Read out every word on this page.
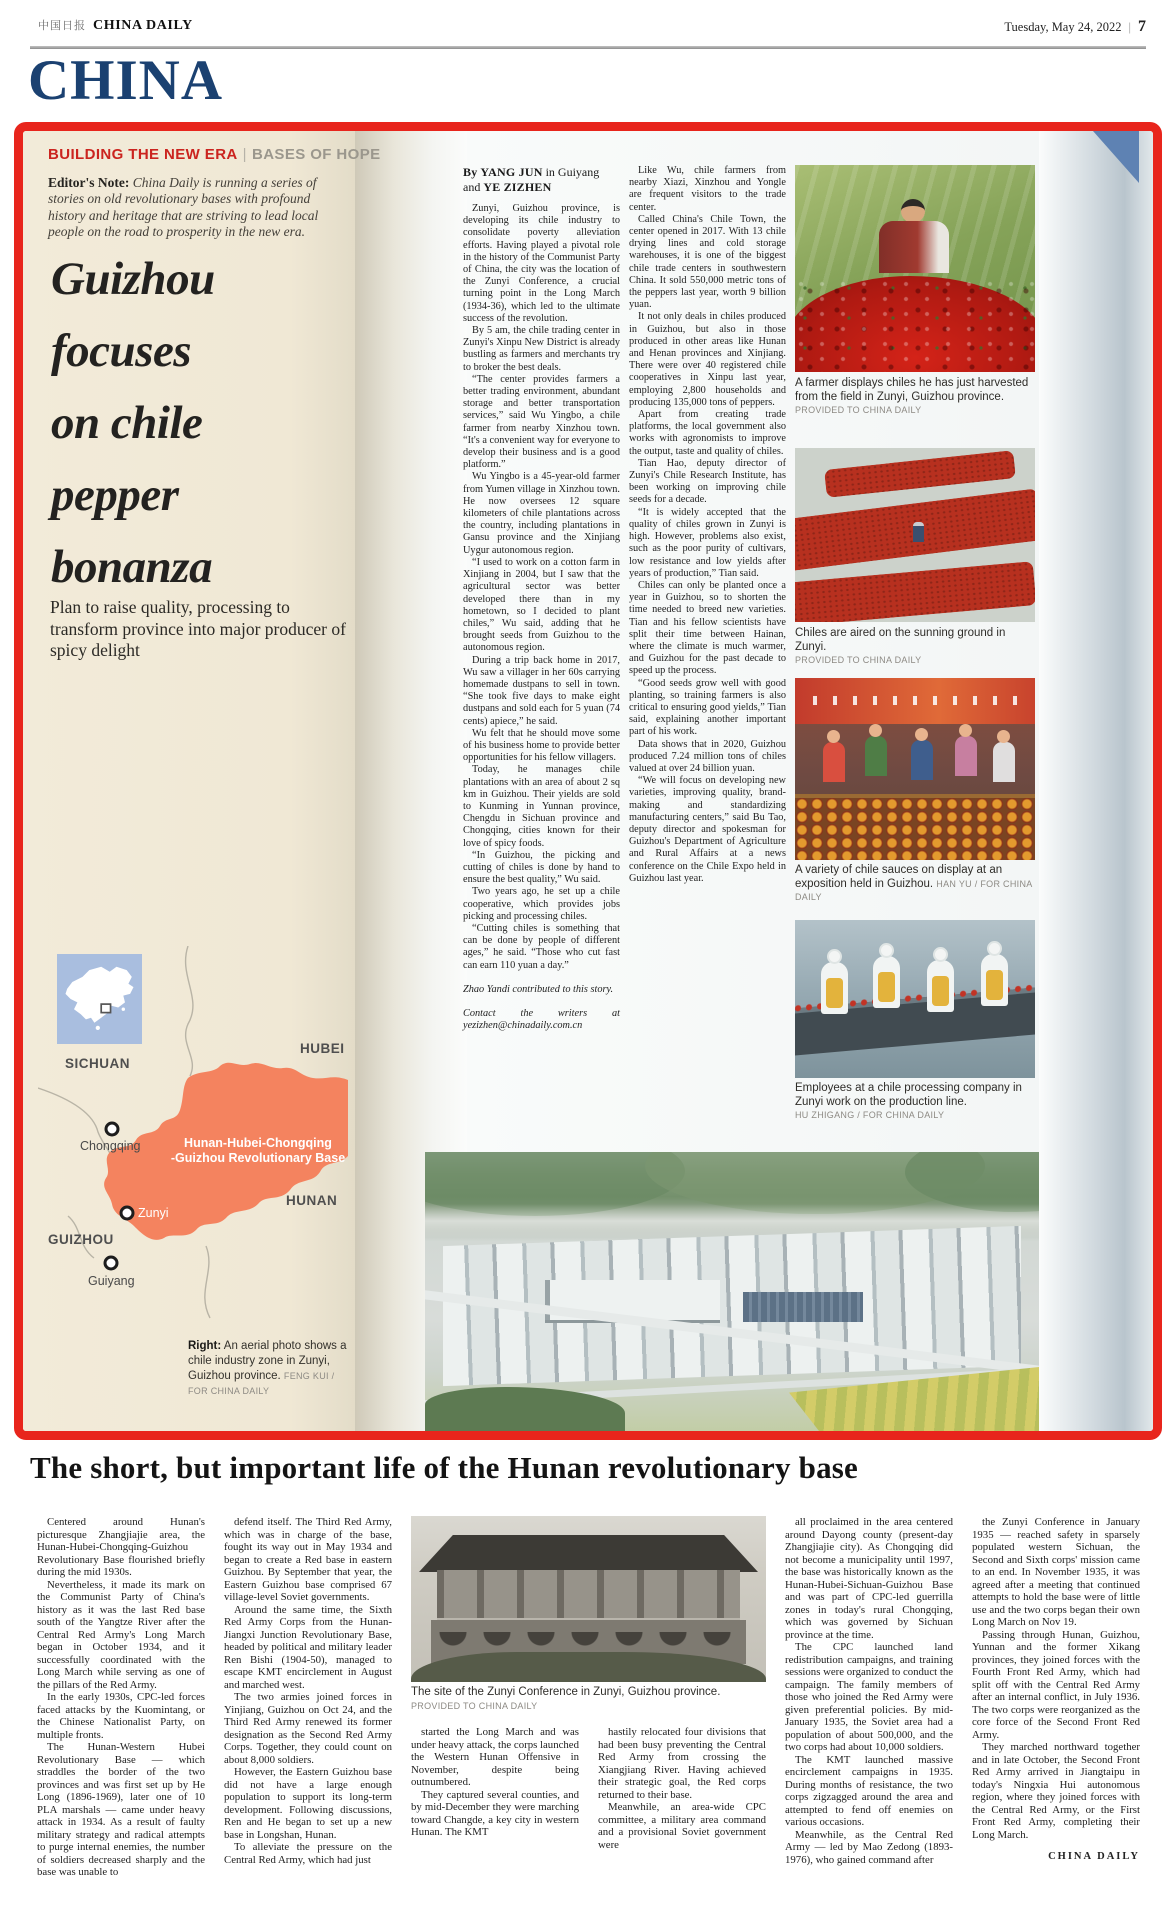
中国日报 CHINA DAILY	Tuesday, May 24, 2022 | 7
CHINA
BUILDING THE NEW ERA | BASES OF HOPE
Editor's Note: China Daily is running a series of stories on old revolutionary bases with profound history and heritage that are striving to lead local people on the road to prosperity in the new era.
Guizhou
focuses
on chile
pepper
bonanza
Plan to raise quality, processing to transform province into major producer of spicy delight
SICHUAN
HUBEI
HUNAN
GUIZHOU
Chongqing
Zunyi
Guiyang
Hunan-Hubei-Chongqing
-Guizhou Revolutionary Base
Right: An aerial photo shows a chile industry zone in Zunyi, Guizhou province. FENG KUI / FOR CHINA DAILY
By YANG JUN in Guiyang
and YE ZIZHEN

Zunyi, Guizhou province, is developing its chile industry to consolidate poverty alleviation efforts. Having played a pivotal role in the history of the Communist Party of China, the city was the location of the Zunyi Conference, a crucial turning point in the Long March (1934-36), which led to the ultimate success of the revolution.

By 5 am, the chile trading center in Zunyi's Xinpu New District is already bustling as farmers and merchants try to broker the best deals.

“The center provides farmers a better trading environment, abundant storage and better transportation services,” said Wu Yingbo, a chile farmer from nearby Xinzhou town. “It's a convenient way for everyone to develop their business and is a good platform.”

Wu Yingbo is a 45-year-old farmer from Yumen village in Xinzhou town. He now oversees 12 square kilometers of chile plantations across the country, including plantations in Gansu province and the Xinjiang Uygur autonomous region.

“I used to work on a cotton farm in Xinjiang in 2004, but I saw that the agricultural sector was better developed there than in my hometown, so I decided to plant chiles,” Wu said, adding that he brought seeds from Guizhou to the autonomous region.

During a trip back home in 2017, Wu saw a villager in her 60s carrying homemade dustpans to sell in town. “She took five days to make eight dustpans and sold each for 5 yuan (74 cents) apiece,” he said.

Wu felt that he should move some of his business home to provide better opportunities for his fellow villagers.

Today, he manages chile plantations with an area of about 2 sq km in Guizhou. Their yields are sold to Kunming in Yunnan province, Chengdu in Sichuan province and Chongqing, cities known for their love of spicy foods.

“In Guizhou, the picking and cutting of chiles is done by hand to ensure the best quality,” Wu said.

Two years ago, he set up a chile cooperative, which provides jobs picking and processing chiles.

“Cutting chiles is something that can be done by people of different ages,” he said. “Those who cut fast can earn 110 yuan a day.”

Zhao Yandi contributed to this story.

Contact the writers at yezizhen@chinadaily.com.cn

Like Wu, chile farmers from nearby Xiazi, Xinzhou and Yongle are frequent visitors to the trade center.

Called China's Chile Town, the center opened in 2017. With 13 chile drying lines and cold storage warehouses, it is one of the biggest chile trade centers in southwestern China. It sold 550,000 metric tons of the peppers last year, worth 9 billion yuan.

It not only deals in chiles produced in Guizhou, but also in those produced in other areas like Hunan and Henan provinces and Xinjiang. There were over 40 registered chile cooperatives in Xinpu last year, employing 2,800 households and producing 135,000 tons of peppers.

Apart from creating trade platforms, the local government also works with agronomists to improve the output, taste and quality of chiles.

Tian Hao, deputy director of Zunyi's Chile Research Institute, has been working on improving chile seeds for a decade.

“It is widely accepted that the quality of chiles grown in Zunyi is high. However, problems also exist, such as the poor purity of cultivars, low resistance and low yields after years of production,” Tian said.

Chiles can only be planted once a year in Guizhou, so to shorten the time needed to breed new varieties. Tian and his fellow scientists have split their time between Hainan, where the climate is much warmer, and Guizhou for the past decade to speed up the process.

“Good seeds grow well with good planting, so training farmers is also critical to ensuring good yields,” Tian said, explaining another important part of his work.

Data shows that in 2020, Guizhou produced 7.24 million tons of chiles valued at over 24 billion yuan.

“We will focus on developing new varieties, improving quality, brand-making and standardizing manufacturing centers,” said Bu Tao, deputy director and spokesman for Guizhou's Department of Agriculture and Rural Affairs at a news conference on the Chile Expo held in Guizhou last year.

A farmer displays chiles he has just harvested from the field in Zunyi, Guizhou province.
PROVIDED TO CHINA DAILY
Chiles are aired on the sunning ground in Zunyi.
PROVIDED TO CHINA DAILY
A variety of chile sauces on display at an exposition held in Guizhou. HAN YU / FOR CHINA DAILY
Employees at a chile processing company in Zunyi work on the production line.
HU ZHIGANG / FOR CHINA DAILY
The short, but important life of the Hunan revolutionary base

Centered around Hunan's picturesque Zhangjiajie area, the Hunan-Hubei-Chongqing-Guizhou Revolutionary Base flourished briefly during the mid 1930s.

Nevertheless, it made its mark on the Communist Party of China's history as it was the last Red base south of the Yangtze River after the Central Red Army's Long March began in October 1934, and it successfully coordinated with the Long March while serving as one of the pillars of the Red Army.

In the early 1930s, CPC-led forces faced attacks by the Kuomintang, or the Chinese Nationalist Party, on multiple fronts.

The Hunan-Western Hubei Revolutionary Base — which straddles the border of the two provinces and was first set up by He Long (1896-1969), later one of 10 PLA marshals — came under heavy attack in 1934. As a result of faulty military strategy and radical attempts to purge internal enemies, the number of soldiers decreased sharply and the base was unable to

defend itself. The Third Red Army, which was in charge of the base, fought its way out in May 1934 and began to create a Red base in eastern Guizhou. By September that year, the Eastern Guizhou base comprised 67 village-level Soviet governments.

Around the same time, the Sixth Red Army Corps from the Hunan-Jiangxi Junction Revolutionary Base, headed by political and military leader Ren Bishi (1904-50), managed to escape KMT encirclement in August and marched west.

The two armies joined forces in Yinjiang, Guizhou on Oct 24, and the Third Red Army renewed its former designation as the Second Red Army Corps. Together, they could count on about 8,000 soldiers.

However, the Eastern Guizhou base did not have a large enough population to support its long-term development. Following discussions, Ren and He began to set up a new base in Longshan, Hunan.

To alleviate the pressure on the Central Red Army, which had just

The site of the Zunyi Conference in Zunyi, Guizhou province.
PROVIDED TO CHINA DAILY

started the Long March and was under heavy attack, the corps launched the Western Hunan Offensive in November, despite being outnumbered.

They captured several counties, and by mid-December they were marching toward Changde, a key city in western Hunan. The KMT

hastily relocated four divisions that had been busy preventing the Central Red Army from crossing the Xiangjiang River. Having achieved their strategic goal, the Red corps returned to their base.

Meanwhile, an area-wide CPC committee, a military area command and a provisional Soviet government were

all proclaimed in the area centered around Dayong county (present-day Zhangjiajie city). As Chongqing did not become a municipality until 1997, the base was historically known as the Hunan-Hubei-Sichuan-Guizhou Base and was part of CPC-led guerrilla zones in today's rural Chongqing, which was governed by Sichuan province at the time.

The CPC launched land redistribution campaigns, and training sessions were organized to conduct the campaign. The family members of those who joined the Red Army were given preferential policies. By mid-January 1935, the Soviet area had a population of about 500,000, and the two corps had about 10,000 soldiers.

The KMT launched massive encirclement campaigns in 1935. During months of resistance, the two corps zigzagged around the area and attempted to fend off enemies on various occasions.

Meanwhile, as the Central Red Army — led by Mao Zedong (1893-1976), who gained command after

the Zunyi Conference in January 1935 — reached safety in sparsely populated western Sichuan, the Second and Sixth corps' mission came to an end. In November 1935, it was agreed after a meeting that continued attempts to hold the base were of little use and the two corps began their own Long March on Nov 19.

Passing through Hunan, Guizhou, Yunnan and the former Xikang provinces, they joined forces with the Fourth Front Red Army, which had split off with the Central Red Army after an internal conflict, in July 1936. The two corps were reorganized as the core force of the Second Front Red Army.

They marched northward together and in late October, the Second Front Red Army arrived in Jiangtaipu in today's Ningxia Hui autonomous region, where they joined forces with the Central Red Army, or the First Front Red Army, completing their Long March.

CHINA DAILY
